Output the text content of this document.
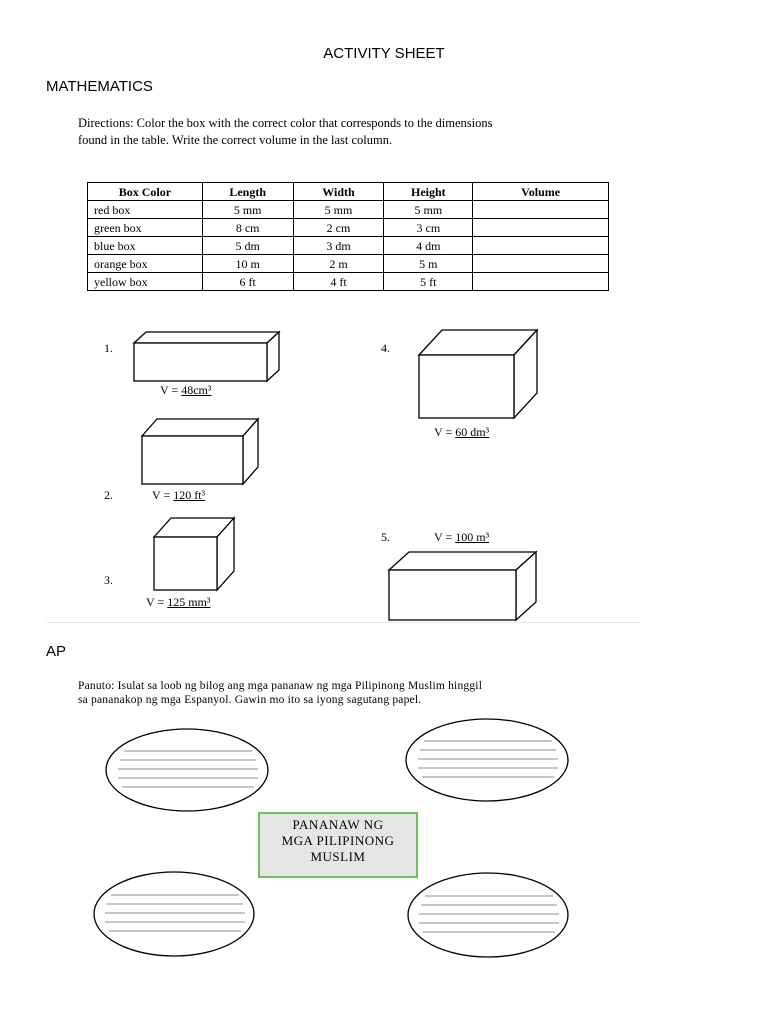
ACTIVITY SHEET
MATHEMATICS
Directions: Color the box with the correct color that corresponds to the dimensions
found in the table. Write the correct volume in the last column.
Box Color	Length	Width	Height	Volume
red box	5 mm	5 mm	5 mm	
green box	8 cm	2 cm	3 cm	
blue box	5 dm	3 dm	4 dm	
orange box	10 m	2 m	5 m	
yellow box	6 ft	4 ft	5 ft	
1.
V = 48cm³
2.	V = 120 ft³
3.
V = 125 mm³
4.
V = 60 dm³
5.	V = 100 m³
AP
Panuto: Isulat sa loob ng bilog ang mga pananaw ng mga Pilipinong Muslim hinggil
sa pananakop ng mga Espanyol. Gawin mo ito sa iyong sagutang papel.
PANANAW NG
MGA PILIPINONG
MUSLIM
